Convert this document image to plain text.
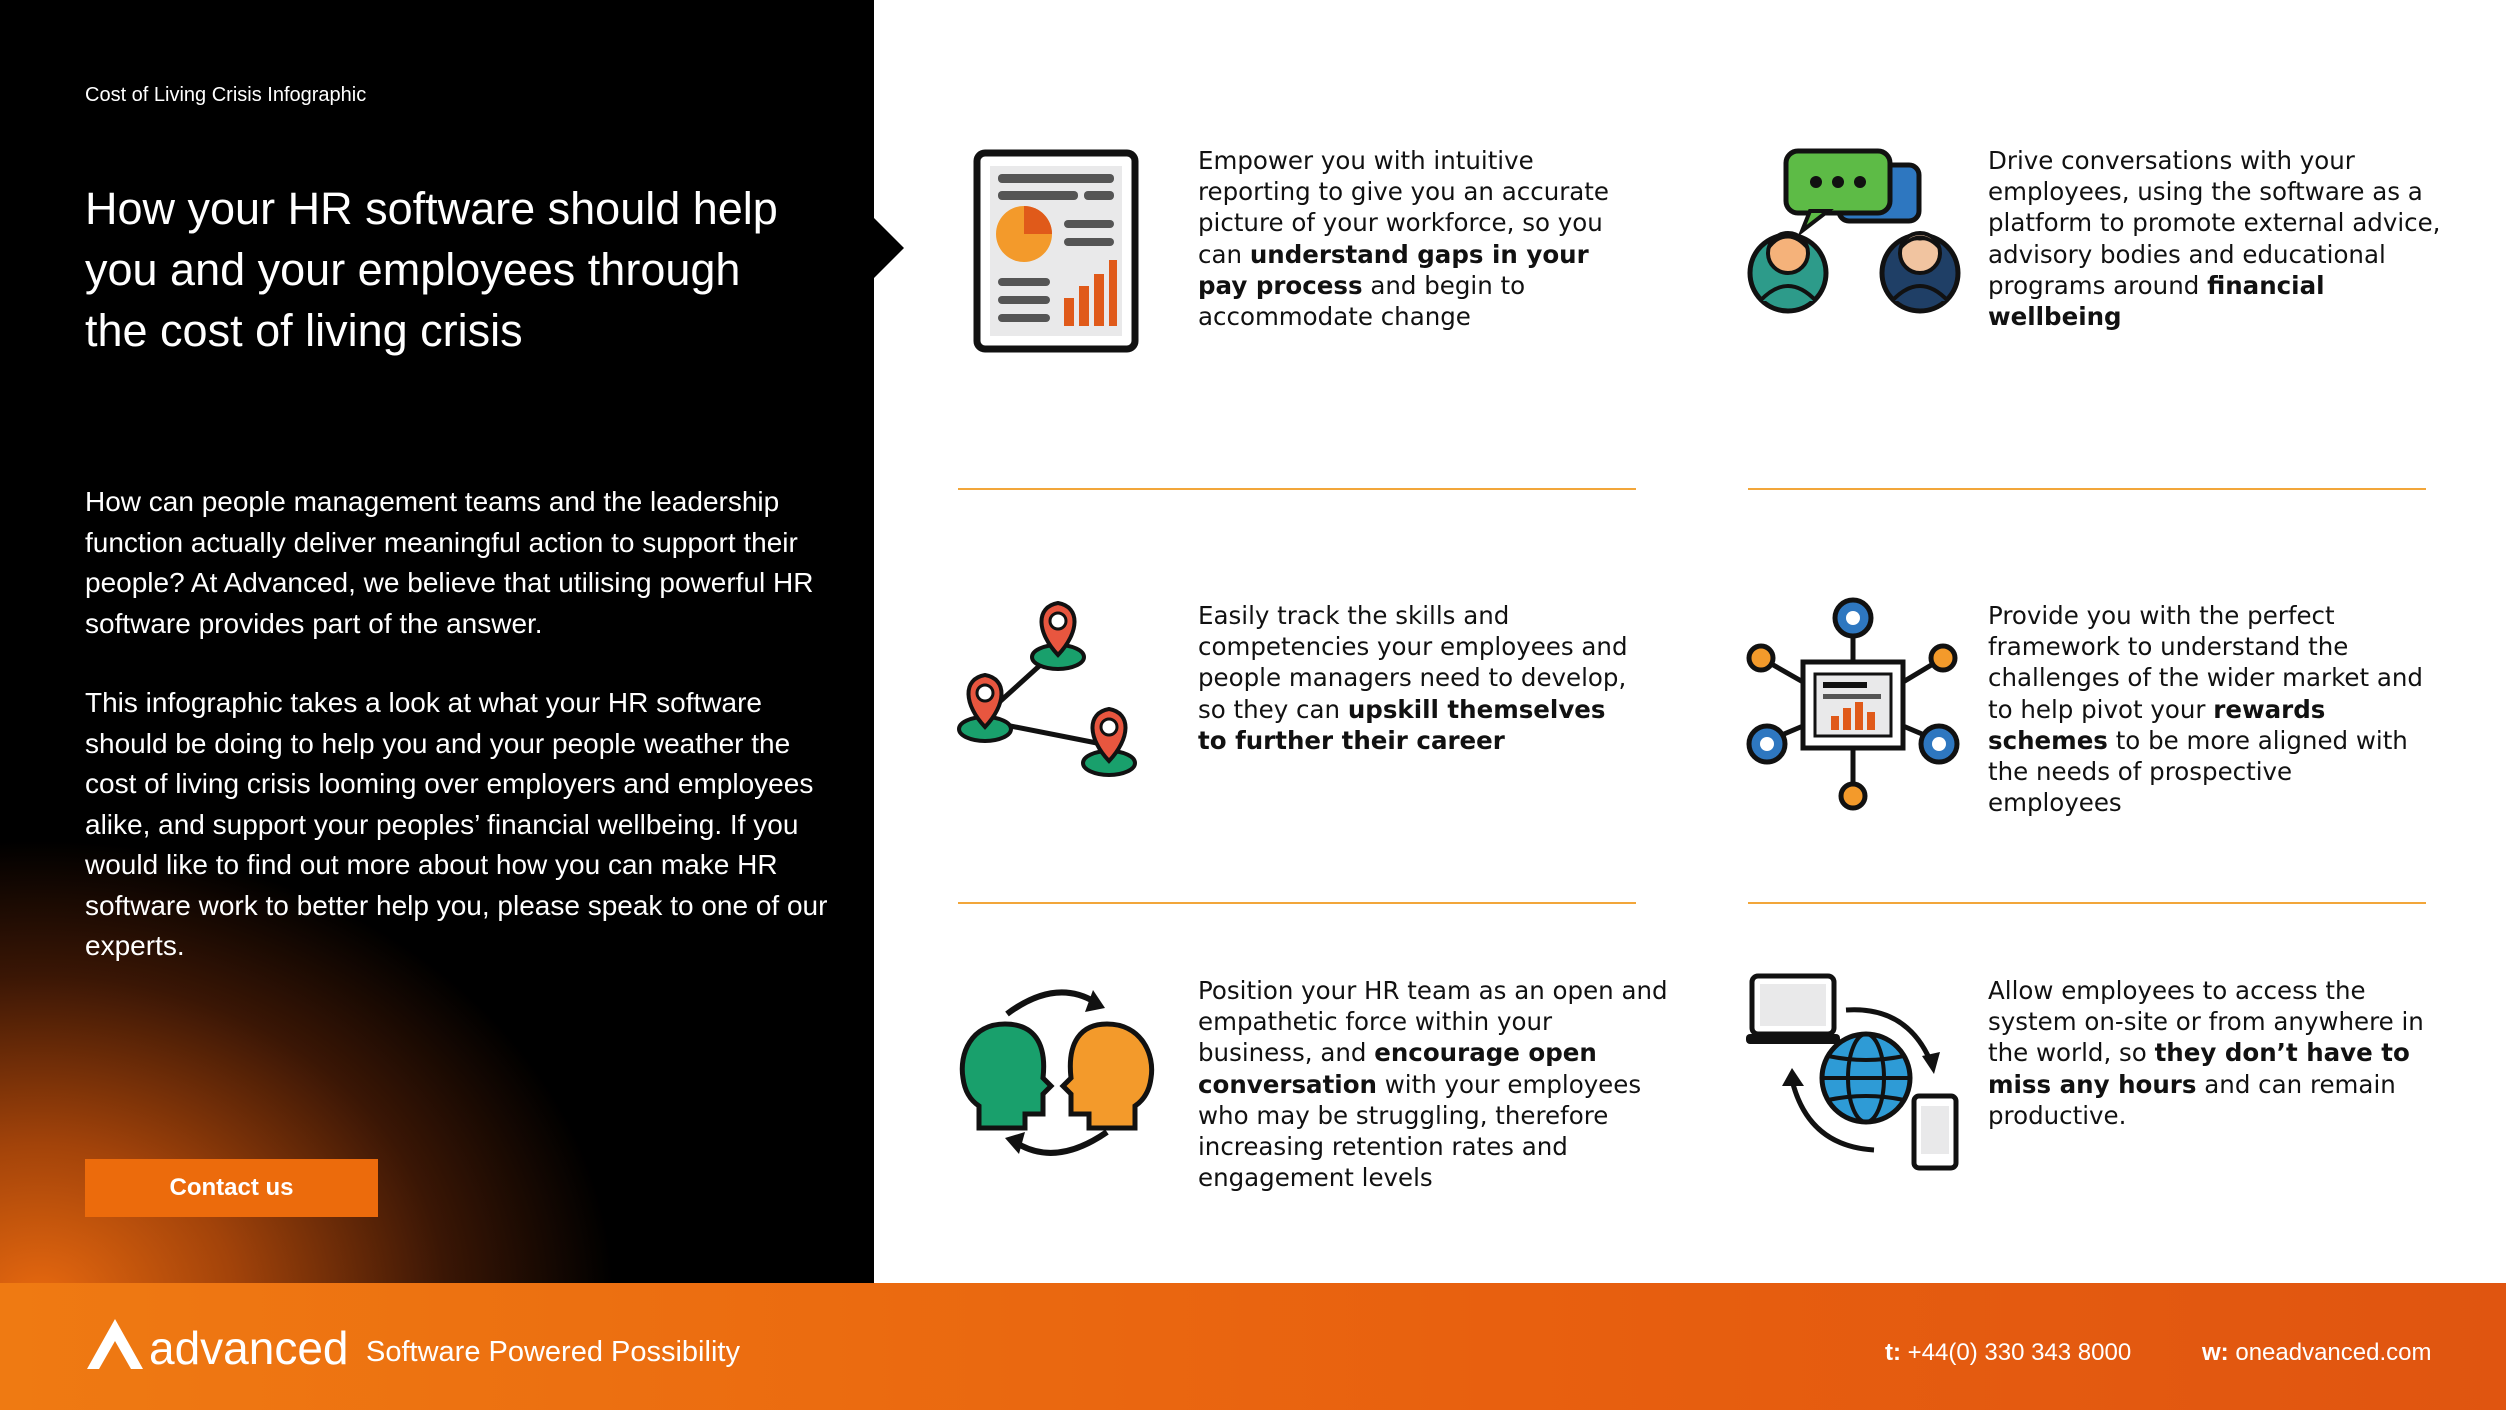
Cost of Living Crisis Infographic
How your HR software should help you and your employees through the cost of living crisis

How can people management teams and the leadership function actually deliver meaningful action to support their people? At Advanced, we believe that utilising powerful HR software provides part of the answer.

This infographic takes a look at what your HR software should be doing to help you and your people weather the cost of living crisis looming over employers and employees alike, and support your peoples’ financial wellbeing. If you would like to find out more about how you can make HR software work to better help you, please speak to one of our experts.

Contact us
Empower you with intuitive reporting to give you an accurate picture of your workforce, so you can understand gaps in your pay process and begin to accommodate change
Drive conversations with your employees, using the software as a platform to promote external advice, advisory bodies and educational programs around financial wellbeing
Easily track the skills and competencies your employees and people managers need to develop, so they can upskill themselves to further their career
Provide you with the perfect framework to understand the challenges of the wider market and to help pivot your rewards schemes to be more aligned with the needs of prospective employees
Position your HR team as an open and empathetic force within your business, and encourage open conversation with your employees who may be struggling, therefore increasing retention rates and engagement levels
Allow employees to access the system on-site or from anywhere in the world, so they don’t have to miss any hours and can remain productive.
advanced Software Powered Possibility	t: +44(0) 330 343 8000	w: oneadvanced.com
